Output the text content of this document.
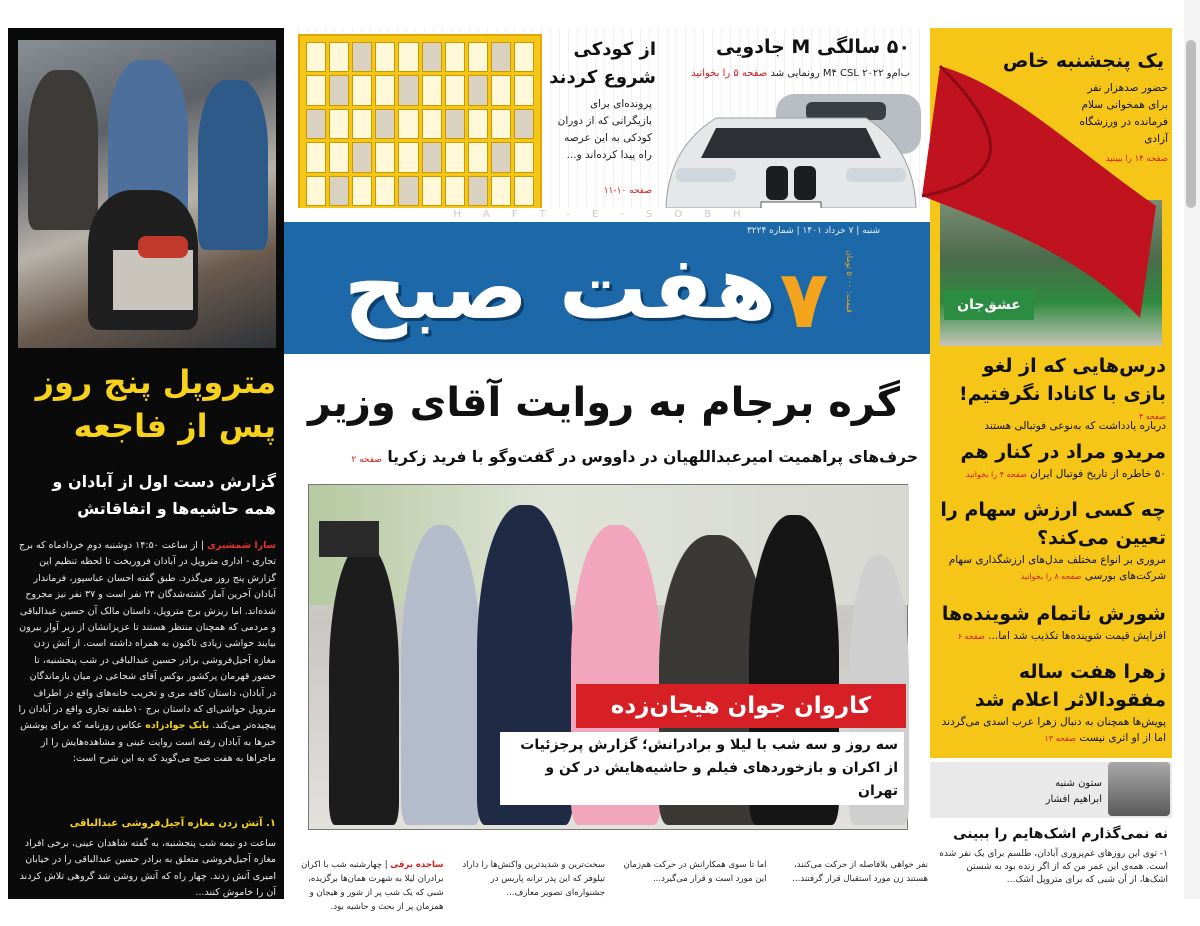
متروپل پنج روز پس از فاجعه
گزارش دست اول از آبادان و همه حاشیه‌ها و اتفاقاتش
سارا شمشیری | از ساعت ۱۴:۵۰ دوشنبه دوم خردادماه که برج تجاری - اداری متروپل در آبادان فروریخت تا لحظه تنظیم این گزارش پنج روز می‌گذرد. طبق گفته احسان عباسپور، فرماندار آبادان آخرین آمار کشته‌شدگان ۲۴ نفر است و ۳۷ نفر نیز مجروح شده‌اند. اما ریزش برج متروپل، داستان مالک آن حسین عبدالباقی و مردمی که همچنان منتظر هستند تا عزیزانشان از زیر آوار بیرون بیایند حواشی زیادی تاکنون به همراه داشته است. از آتش زدن مغازه آجیل‌فروشی برادر حسین عبدالباقی در شب پنجشنبه، تا حضور قهرمان پرکشور بوکس آقای شجاعی در میان بازماندگان در آبادان، داستان کافه مری و تخریب خانه‌های واقع در اطراف متروپل حواشی‌ای که داستان برج ۱۰طبقه تجاری واقع در آبادان را پیچیده‌تر می‌کند. بابک جوادزاده عکاس روزنامه که برای پوشش خبرها به آبادان رفته است روایت عینی و مشاهده‌هایش را از ماجراها به هفت صبح می‌گوید که به این شرح است:
۱. آتش زدن مغازه آجیل‌فروشی عبدالباقی
ساعت دو نیمه شب پنجشنبه، به گفته شاهدان عینی، برخی افراد مغازه آجیل‌فروشی متعلق به برادر حسین عبدالباقی را در خیابان امیری آتش زدند. چهار راه که آتش روشن شد گروهی تلاش کردند آن را خاموش کنند...
از کودکی شروع کردند
پرونده‌ای برای بازیگرانی که از دوران کودکی به این عرصه راه پیدا کرده‌اند و...
صفحه ۱۰-۱۱
۵۰ سالگی M جادویی
ب‌ام‌و M۴ CSL ۲۰۲۲ رونمایی شد صفحه ۵ را بخوانید
HAFT-E-SOBH
شنبه | ۷ خرداد ۱۴۰۱ | شماره ۳۲۲۴
هفت صبح ۷	قیمت: ۵۰۰۰ تومان
گره برجام به روایت آقای وزیر
حرف‌های پراهمیت امیرعبداللهیان در داووس در گفت‌وگو با فرید زکریا صفحه ۲
کاروان جوان هیجان‌زده
سه روز و سه شب با لیلا و برادرانش؛ گزارش پرجزئیات از اکران و بازخوردهای فیلم و حاشیه‌هایش در کن و تهران
ساجده برقی | چهارشنبه شب با اکران برادران لیلا به شهرت همان‌ها برگزیده، شبی که یک شب پر از شور و هیجان و همزمان پر از بحث و حاشیه بود.
سخت‌ترین و شدیدترین واکنش‌ها را داراد تیلوفر که این پدر ترانه پاریس در جشنواره‌ای تصویر معارف...
اما تا سوی همکارانش در حرکت هم‌زمان این مورد است و قرار می‌گیرد...
نفر خواهی بلافاصله از حرکت می‌کنند، هستند زن مورد استقبال قرار گرفتند...
عشق‌جان
یک پنجشنبه خاص
حضور صدهزار نفر برای همخوانی سلام فرمانده در ورزشگاه آزادی
صفحه ۱۴ را ببینید
درس‌هایی که از لغو بازی با کانادا نگرفتیم!
صفحه ۴
درباره یادداشت که به‌نوعی فوتبالی هستند
مریدو مراد در کنار هم
۵۰ خاطره از تاریخ فوتبال ایران صفحه ۴ را بخوانید
چه کسی ارزش سهام را تعیین می‌کند؟
مروری بر انواع مختلف مدل‌های ارزشگذاری سهام شرکت‌های بورسی صفحه ۸ را بخوانید
شورش ناتمام شوینده‌ها
افزایش قیمت شوینده‌ها تکذیب شد اما... صفحه ۶
زهرا هفت ساله مفقودالاثر اعلام شد
پویش‌ها همچنان به دنبال زهرا عرب اسدی می‌گردند اما از او اثری نیست صفحه ۱۳
ستون شنبه
ابراهیم افشار
نه نمی‌گذارم اشک‌هایم را ببینی
۱- توی این روزهای غم‌پروری آبادان، طلسم برای یک نفر شده است. همه‌ی این عمر من که از اگر زنده بود به شستن اشک‌ها، از آن شبی که برای متروپل اشک...
